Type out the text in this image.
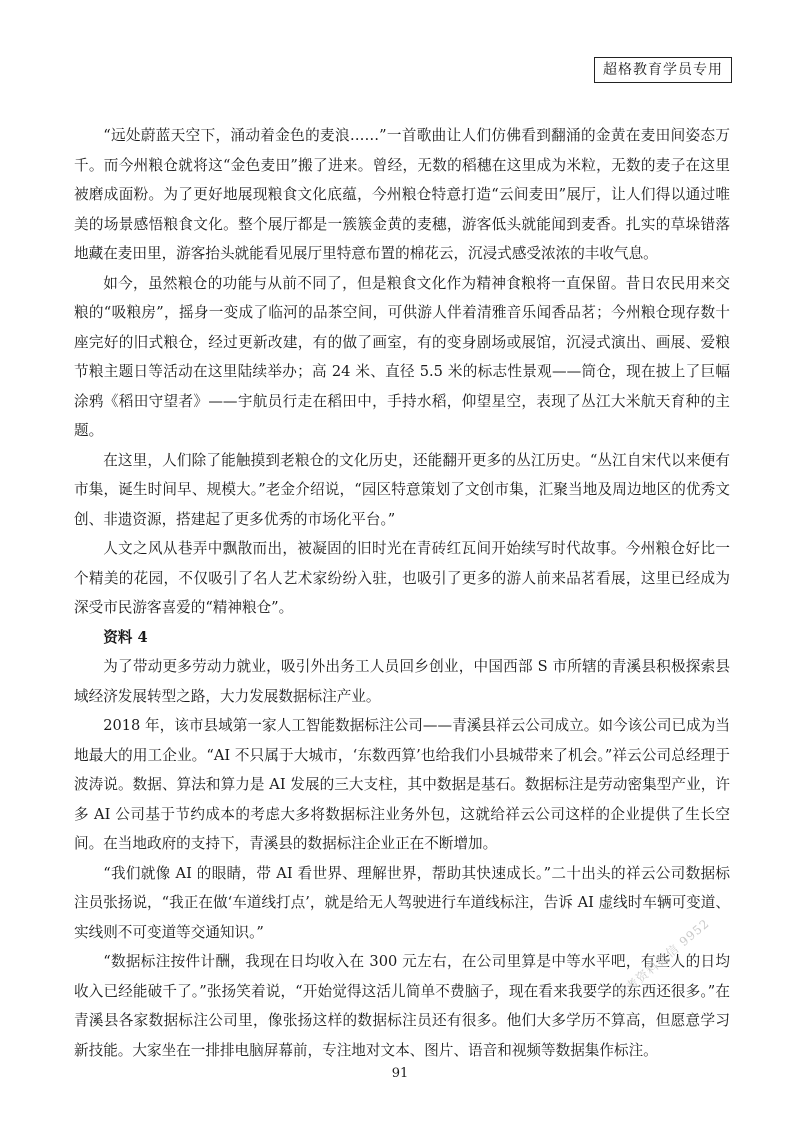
超格教育学员专用

“远处蔚蓝天空下，涌动着金色的麦浪……”一首歌曲让人们仿佛看到翻涌的金黄在麦田间姿态万千。而今州粮仓就将这“金色麦田”搬了进来。曾经，无数的稻穗在这里成为米粒，无数的麦子在这里被磨成面粉。为了更好地展现粮食文化底蕴，今州粮仓特意打造“云间麦田”展厅，让人们得以通过唯美的场景感悟粮食文化。整个展厅都是一簇簇金黄的麦穗，游客低头就能闻到麦香。扎实的草垛错落地藏在麦田里，游客抬头就能看见展厅里特意布置的棉花云，沉浸式感受浓浓的丰收气息。

如今，虽然粮仓的功能与从前不同了，但是粮食文化作为精神食粮将一直保留。昔日农民用来交粮的“吸粮房”，摇身一变成了临河的品茶空间，可供游人伴着清雅音乐闻香品茗；今州粮仓现存数十座完好的旧式粮仓，经过更新改建，有的做了画室，有的变身剧场或展馆，沉浸式演出、画展、爱粮节粮主题日等活动在这里陆续举办；高 24 米、直径 5.5 米的标志性景观——筒仓，现在披上了巨幅涂鸦《稻田守望者》——宇航员行走在稻田中，手持水稻，仰望星空，表现了丛江大米航天育种的主题。

在这里，人们除了能触摸到老粮仓的文化历史，还能翻开更多的丛江历史。“丛江自宋代以来便有市集，诞生时间早、规模大。”老金介绍说，“园区特意策划了文创市集，汇聚当地及周边地区的优秀文创、非遗资源，搭建起了更多优秀的市场化平台。”

人文之风从巷弄中飘散而出，被凝固的旧时光在青砖红瓦间开始续写时代故事。今州粮仓好比一个精美的花园，不仅吸引了名人艺术家纷纷入驻，也吸引了更多的游人前来品茗看展，这里已经成为深受市民游客喜爱的“精神粮仓”。

资料 4

为了带动更多劳动力就业，吸引外出务工人员回乡创业，中国西部 S 市所辖的青溪县积极探索县域经济发展转型之路，大力发展数据标注产业。

2018 年，该市县域第一家人工智能数据标注公司——青溪县祥云公司成立。如今该公司已成为当地最大的用工企业。“AI 不只属于大城市，‘东数西算’也给我们小县城带来了机会。”祥云公司总经理于波涛说。数据、算法和算力是 AI 发展的三大支柱，其中数据是基石。数据标注是劳动密集型产业，许多 AI 公司基于节约成本的考虑大多将数据标注业务外包，这就给祥云公司这样的企业提供了生长空间。在当地政府的支持下，青溪县的数据标注企业正在不断增加。

“我们就像 AI 的眼睛，带 AI 看世界、理解世界，帮助其快速成长。”二十出头的祥云公司数据标注员张扬说，“我正在做‘车道线打点’，就是给无人驾驶进行车道线标注，告诉 AI 虚线时车辆可变道、实线则不可变道等交通知识。”

“数据标注按件计酬，我现在日均收入在 300 元左右，在公司里算是中等水平吧，有些人的日均收入已经能破千了。”张扬笑着说，“开始觉得这活儿简单不费脑子，现在看来我要学的东西还很多。”在青溪县各家数据标注公司里，像张扬这样的数据标注员还有很多。他们大多学历不算高，但愿意学习新技能。大家坐在一排排电脑屏幕前，专注地对文本、图片、语音和视频等数据集作标注。

公考资料微信 9952
91
